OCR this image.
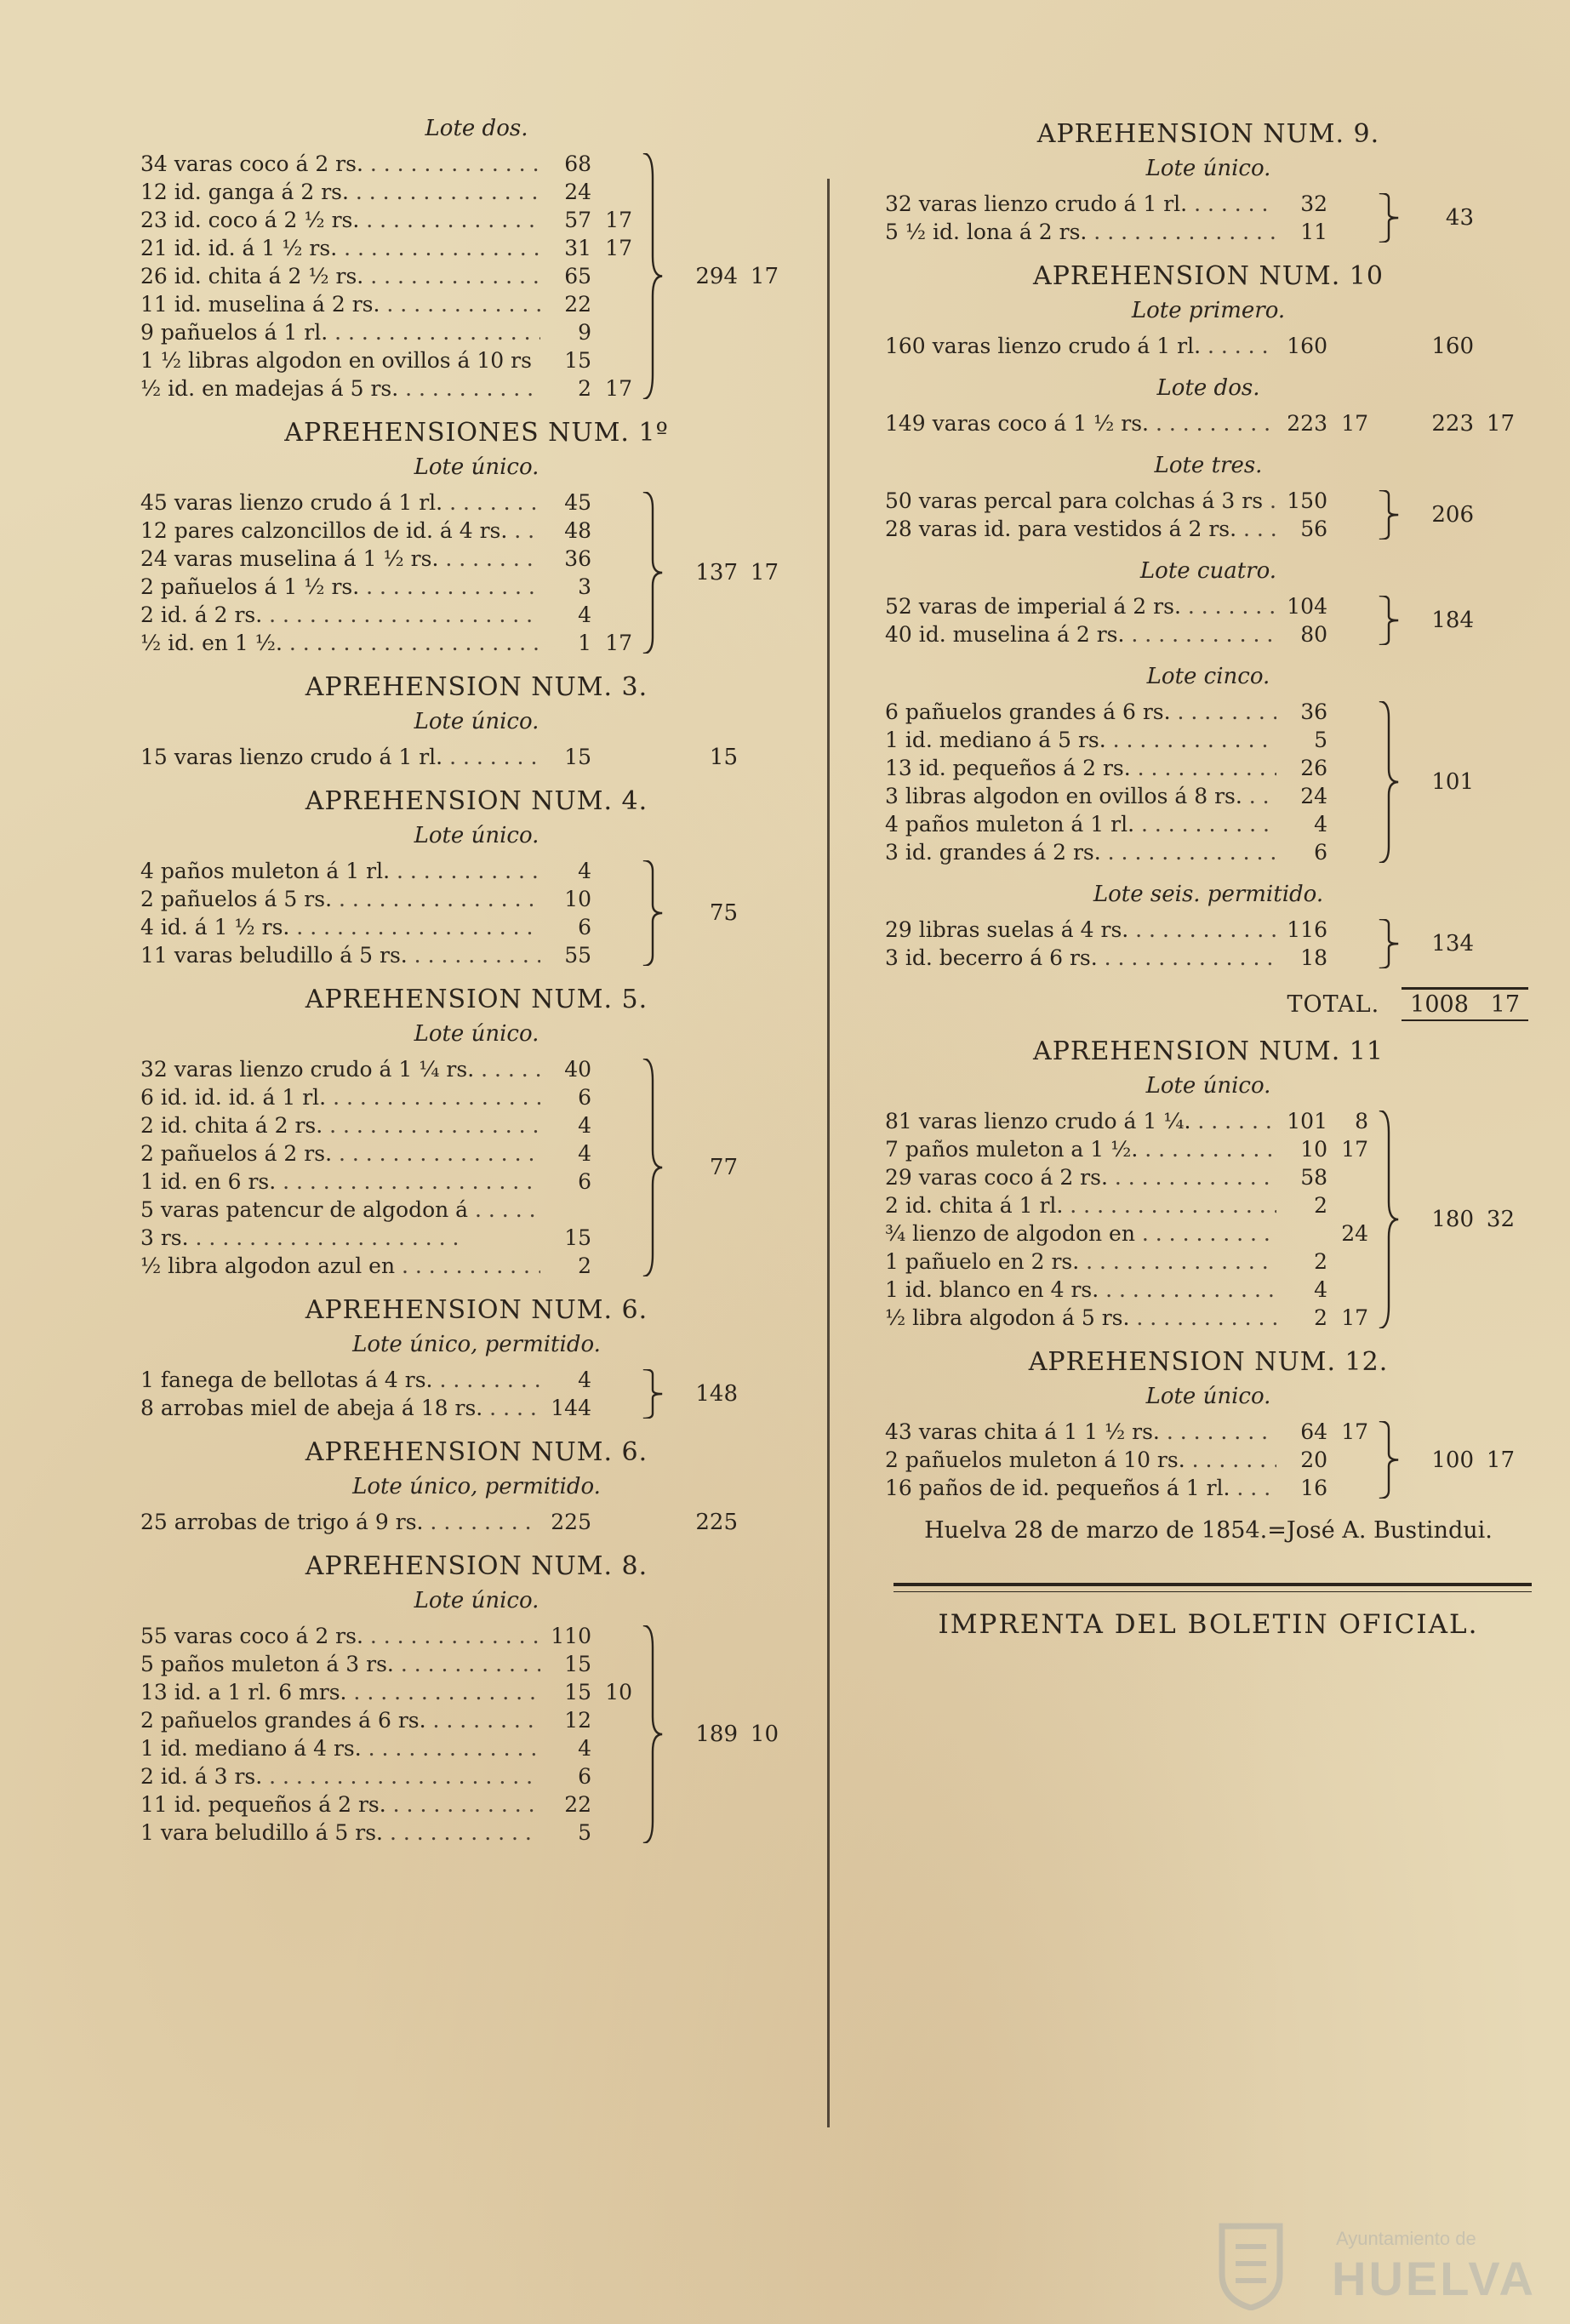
Lote dos.
34 varas coco á 2 rs. . . .	68
12 id. ganga á 2 rs. . . .	24
23 id. coco á 2 ½ rs. . . .	57 17
21 id. id. á 1 ½ rs. . . .	31 17
26 id. chita á 2 ½ rs. . . .	65
11 id. muselina á 2 rs. . . .	22
9 pañuelos á 1 rl. . . .	9
1 ½ libras algodon en ovillos á 10 rs . . .	15
½ id. en madejas á 5 rs. . . .	2 17
294 17
APREHENSIONES NUM. 1º
Lote único.
45 varas lienzo crudo á 1 rl. . . .	45
12 pares calzoncillos de id. á 4 rs. . . .	48
24 varas muselina á 1 ½ rs. . . .	36
2 pañuelos á 1 ½ rs. . . .	3
2 id. á 2 rs. . . .	4
½ id. en 1 ½. . . .	1 17
137 17
APREHENSION NUM. 3.
Lote único.
15 varas lienzo crudo á 1 rl. . . .	15	15
APREHENSION NUM. 4.
Lote único.
4 paños muleton á 1 rl. . . .	4
2 pañuelos á 5 rs. . . .	10
4 id. á 1 ½ rs. . . .	6
11 varas beludillo á 5 rs. . . .	55
75
APREHENSION NUM. 5.
Lote único.
32 varas lienzo crudo á 1 ¼ rs. . . .	40
6 id. id. id. á 1 rl. . . .	6
2 id. chita á 2 rs. . . .	4
2 pañuelos á 2 rs. . . .	4
1 id. en 6 rs. . . .	6
5 varas patencur de algodon á . . .
3 rs. . . .	15
½ libra algodon azul en . . .	2
77
APREHENSION NUM. 6.
Lote único, permitido.
1 fanega de bellotas á 4 rs. . . .	4
8 arrobas miel de abeja á 18 rs. . . .	144
148
APREHENSION NUM. 6.
Lote único, permitido.
25 arrobas de trigo á 9 rs. . . .	225	225
APREHENSION NUM. 8.
Lote único.
55 varas coco á 2 rs. . . .	110
5 paños muleton á 3 rs. . . .	15
13 id. a 1 rl. 6 mrs. . . .	15 10
2 pañuelos grandes á 6 rs. . . .	12
1 id. mediano á 4 rs. . . .	4
2 id. á 3 rs. . . .	6
11 id. pequeños á 2 rs. . . .	22
1 vara beludillo á 5 rs. . . .	5
189 10
APREHENSION NUM. 9.
Lote único.
32 varas lienzo crudo á 1 rl. . . .	32
5 ½ id. lona á 2 rs. . . .	11
43
APREHENSION NUM. 10
Lote primero.
160 varas lienzo crudo á 1 rl. . . .	160	160
Lote dos.
149 varas coco á 1 ½ rs. . . .	223 17	223 17
Lote tres.
50 varas percal para colchas á 3 rs . . .	150
28 varas id. para vestidos á 2 rs. . . .	56
206
Lote cuatro.
52 varas de imperial á 2 rs. . . .	104
40 id. muselina á 2 rs. . . .	80
184
Lote cinco.
6 pañuelos grandes á 6 rs. . . .	36
1 id. mediano á 5 rs. . . .	5
13 id. pequeños á 2 rs. . . .	26
3 libras algodon en ovillos á 8 rs. . . .	24
4 paños muleton á 1 rl. . . .	4
3 id. grandes á 2 rs. . . .	6
101
Lote seis. permitido.
29 libras suelas á 4 rs. . . .	116
3 id. becerro á 6 rs. . . .	18
134
TOTAL.	1008 17
APREHENSION NUM. 11
Lote único.
81 varas lienzo crudo á 1 ¼. . . .	101	8
7 paños muleton a 1 ½. . . .	10 17
29 varas coco á 2 rs. . . .	58
2 id. chita á 1 rl. . . .	2
¾ lienzo de algodon en . . .	24
1 pañuelo en 2 rs. . . .	2
1 id. blanco en 4 rs. . . .	4
½ libra algodon á 5 rs. . . .	2 17
180 32
APREHENSION NUM. 12.
Lote único.
43 varas chita á 1 1 ½ rs. . . .	64 17
2 pañuelos muleton á 10 rs. . . .	20
16 paños de id. pequeños á 1 rl. . . .	16
100 17
Huelva 28 de marzo de 1854.=José A. Bustindui.
IMPRENTA DEL BOLETIN OFICIAL.
Ayuntamiento de
HUELVA
